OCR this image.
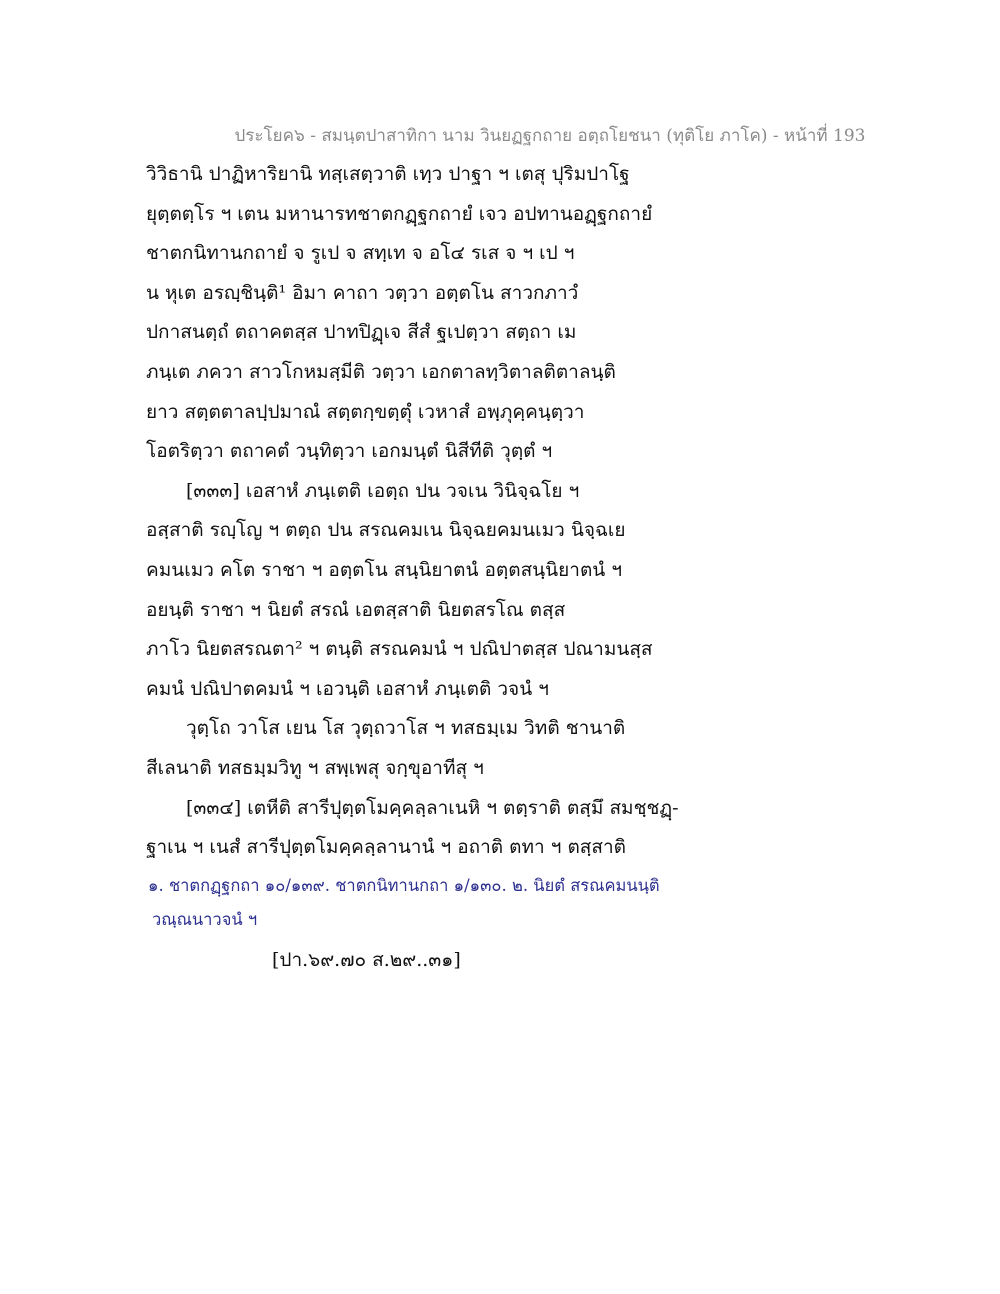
ประโยค๖ - สมนฺตปาสาทิกา นาม วินยฏฐกถาย อตฺถโยชนา (ทุติโย ภาโค) - หน้าที่ 193
วิวิธานิ ปาฏิหาริยานิ ทสฺเสตฺวาติ เทฺว ปาฐา ฯ เตสุ ปุริมปาโฐ
ยุตฺตตฺโร ฯ เตน มหานารทชาตกฏฺฐกถายํ เจว อปทานอฏฺฐกถายํ
ชาตกนิทานกถายํ จ รูเป จ สทฺเท จ อโ๔ รเส จ ฯ เป ฯ
น หุเต อรญฺชินฺติ¹ อิมา คาถา วตฺวา อตฺตโน สาวกภาวํ
ปกาสนตฺถํ ตถาคตสฺส ปาทปิฏฺเจ สีสํ ฐเปตฺวา สตฺถา เม
ภนฺเต ภควา สาวโกหมสฺมีติ วตฺวา เอกตาลทฺวิตาลติตาลนฺติ
ยาว สตฺตตาลปฺปมาณํ สตฺตกฺขตฺตุํ เวหาสํ อพฺภุคฺคนฺตฺวา
โอตริตฺวา ตถาคตํ วนฺทิตฺวา เอกมนฺตํ นิสีทีติ วุตฺตํ ฯ
[๓๓๓] เอสาหํ ภนฺเตติ เอตฺถ ปน วจเน วินิจฺฉโย ฯ
อสฺสาติ รญฺโญ ฯ ตตฺถ ปน สรณคมเน นิจฺฉยคมนเมว นิจฺฉเย
คมนเมว คโต ราชา ฯ อตฺตโน สนฺนิยาตนํ อตฺตสนฺนิยาตนํ ฯ
อยนฺติ ราชา ฯ นิยตํ สรณํ เอตสฺสาติ นิยตสรโณ ตสฺส
ภาโว นิยตสรณตา² ฯ ตนฺติ สรณคมนํ ฯ ปณิปาตสฺส ปณามนสฺส
คมนํ ปณิปาตคมนํ ฯ เอวนฺติ เอสาหํ ภนฺเตติ วจนํ ฯ
วุตฺโถ วาโส เยน โส วุตฺถวาโส ฯ ทสธมฺเม วิทติ ชานาติ
สีเลนาติ ทสธมฺมวิทู ฯ สพฺเพสุ จกฺขุอาทีสุ ฯ
[๓๓๔] เตหีติ สารีปุตฺตโมคฺคลฺลาเนหิ ฯ ตตฺราติ ตสฺมึ สมชฺชฏฺ-
ฐาเน ฯ เนสํ สารีปุตฺตโมคฺคลฺลานานํ ฯ อถาติ ตทา ฯ ตสฺสาติ
๑. ชาตกฏฺฐกถา ๑๐/๑๓๙. ชาตกนิทานกถา ๑/๑๓๐. ๒. นิยตํ สรณคมนนฺติ
วณฺณนาวจนํ ฯ
[ปา.๖๙.๗๐ ส.๒๙..๓๑]
